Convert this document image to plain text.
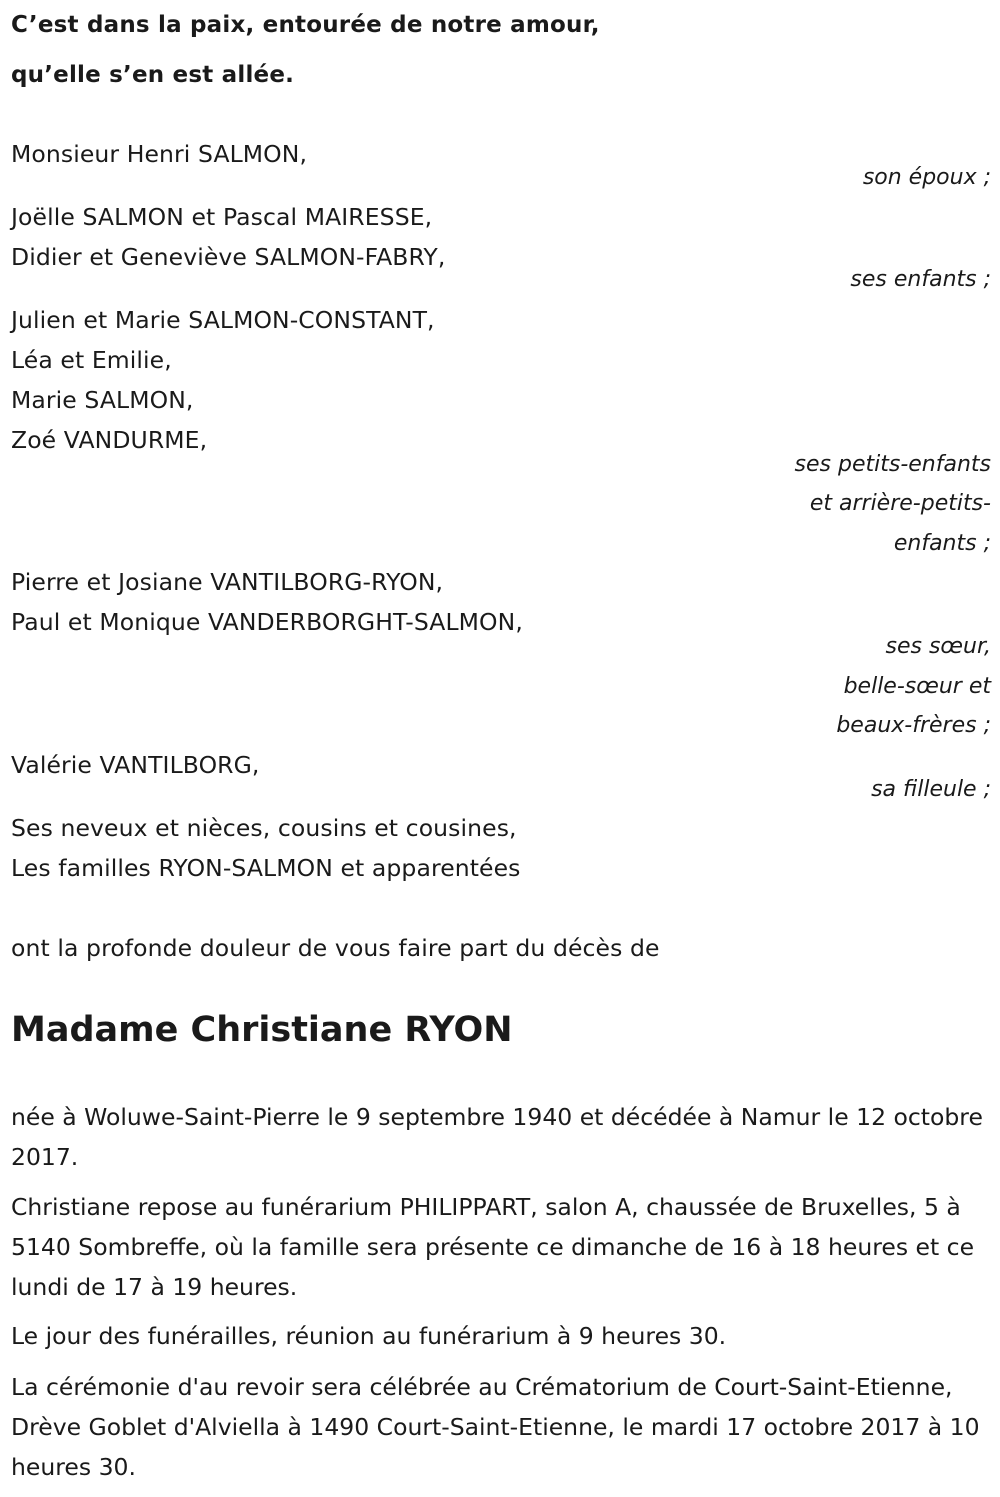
C’est dans la paix, entourée de notre amour,
qu’elle s’en est allée.
Monsieur Henri SALMON,
son époux ;
Joëlle SALMON et Pascal MAIRESSE,
Didier et Geneviève SALMON-FABRY,
ses enfants ;
Julien et Marie SALMON-CONSTANT,
Léa et Emilie,
Marie SALMON,
Zoé VANDURME,
ses petits-enfants
et arrière-petits-
enfants ;
Pierre et Josiane VANTILBORG-RYON,
Paul et Monique VANDERBORGHT-SALMON,
ses sœur,
belle-sœur et
beaux-frères ;
Valérie VANTILBORG,
sa filleule ;
Ses neveux et nièces, cousins et cousines,
Les familles RYON-SALMON et apparentées
ont la profonde douleur de vous faire part du décès de
Madame Christiane RYON
née à Woluwe-Saint-Pierre le 9 septembre 1940 et décédée à Namur le 12 octobre 2017.
Christiane repose au funérarium PHILIPPART, salon A, chaussée de Bruxelles, 5 à 5140 Sombreffe, où la famille sera présente ce dimanche de 16 à 18 heures et ce lundi de 17 à 19 heures.
Le jour des funérailles, réunion au funérarium à 9 heures 30.
La cérémonie d'au revoir sera célébrée au Crématorium de Court-Saint-Etienne, Drève Goblet d'Alviella à 1490 Court-Saint-Etienne, le mardi 17 octobre 2017 à 10 heures 30.
